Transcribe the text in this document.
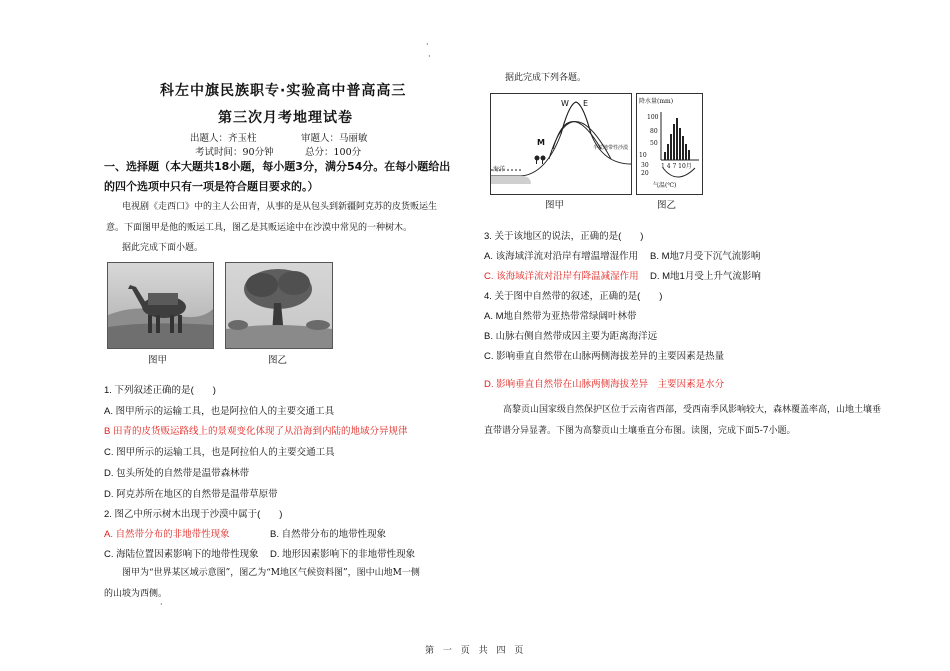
·
·
科左中旗民族职专·实验高中普高高三
第三次月考地理试卷
出题人：齐玉柱	审题人：马丽敏
考试时间：90分钟	总分：100分
一、选择题（本大题共18小题，每小题3分，满分54分。在每小题给出
的四个选项中只有一项是符合题目要求的。）
电视剧《走西口》中的主人公田青，从事的是从包头到新疆阿克苏的皮货贩运生
意。下面图甲是他的贩运工具，图乙是其贩运途中在沙漠中常见的一种树木。
据此完成下面小题。
图甲	图乙
1. 下列叙述正确的是(　　)
A. 图甲所示的运输工具，也是阿拉伯人的主要交通工具
B 田青的皮货贩运路线上的景观变化体现了从沿海到内陆的地域分异规律
C. 图甲所示的运输工具，也是阿拉伯人的主要交通工具
D. 包头所处的自然带是温带森林带
D. 阿克苏所在地区的自然带是温带草原带
2. 图乙中所示树木出现于沙漠中属于(　　)
A. 自然带分布的非地带性现象	B. 自然带分布的地带性现象
C. 海陆位置因素影响下的地带性现象 D. 地形因素影响下的非地带性现象
图甲为“世界某区域示意图”，图乙为“M地区气候资料图”，图中山地M一侧
的山坡为西侧。
据此完成下列各题。
W E
M
海洋
半荒地带性沙漠
图甲
降水量(mm)
100
80
50
10
30
20
1 4 7 10月
气温(℃)
图乙
3. 关于该地区的说法，正确的是(　　)
A. 该海域洋流对沿岸有增温增湿作用 B. M地7月受下沉气流影响
C. 该海域洋流对沿岸有降温减湿作用 D. M地1月受上升气流影响
4. 关于图中自然带的叙述，正确的是(　　)
A. M地自然带为亚热带常绿阔叶林带
B. 山脉右侧自然带成因主要为距离海洋远
C. 影响垂直自然带在山脉两侧海拔差异的主要因素是热量
D. 影响垂直自然带在山脉两侧海拔差异　主要因素是水分
高黎贡山国家级自然保护区位于云南省西部，受西南季风影响较大，森林覆盖率高，山地土壤垂
直带谱分异显著。下图为高黎贡山土壤垂直分布图。读图，完成下面5-7小题。
·
第 一 页 共 四 页
